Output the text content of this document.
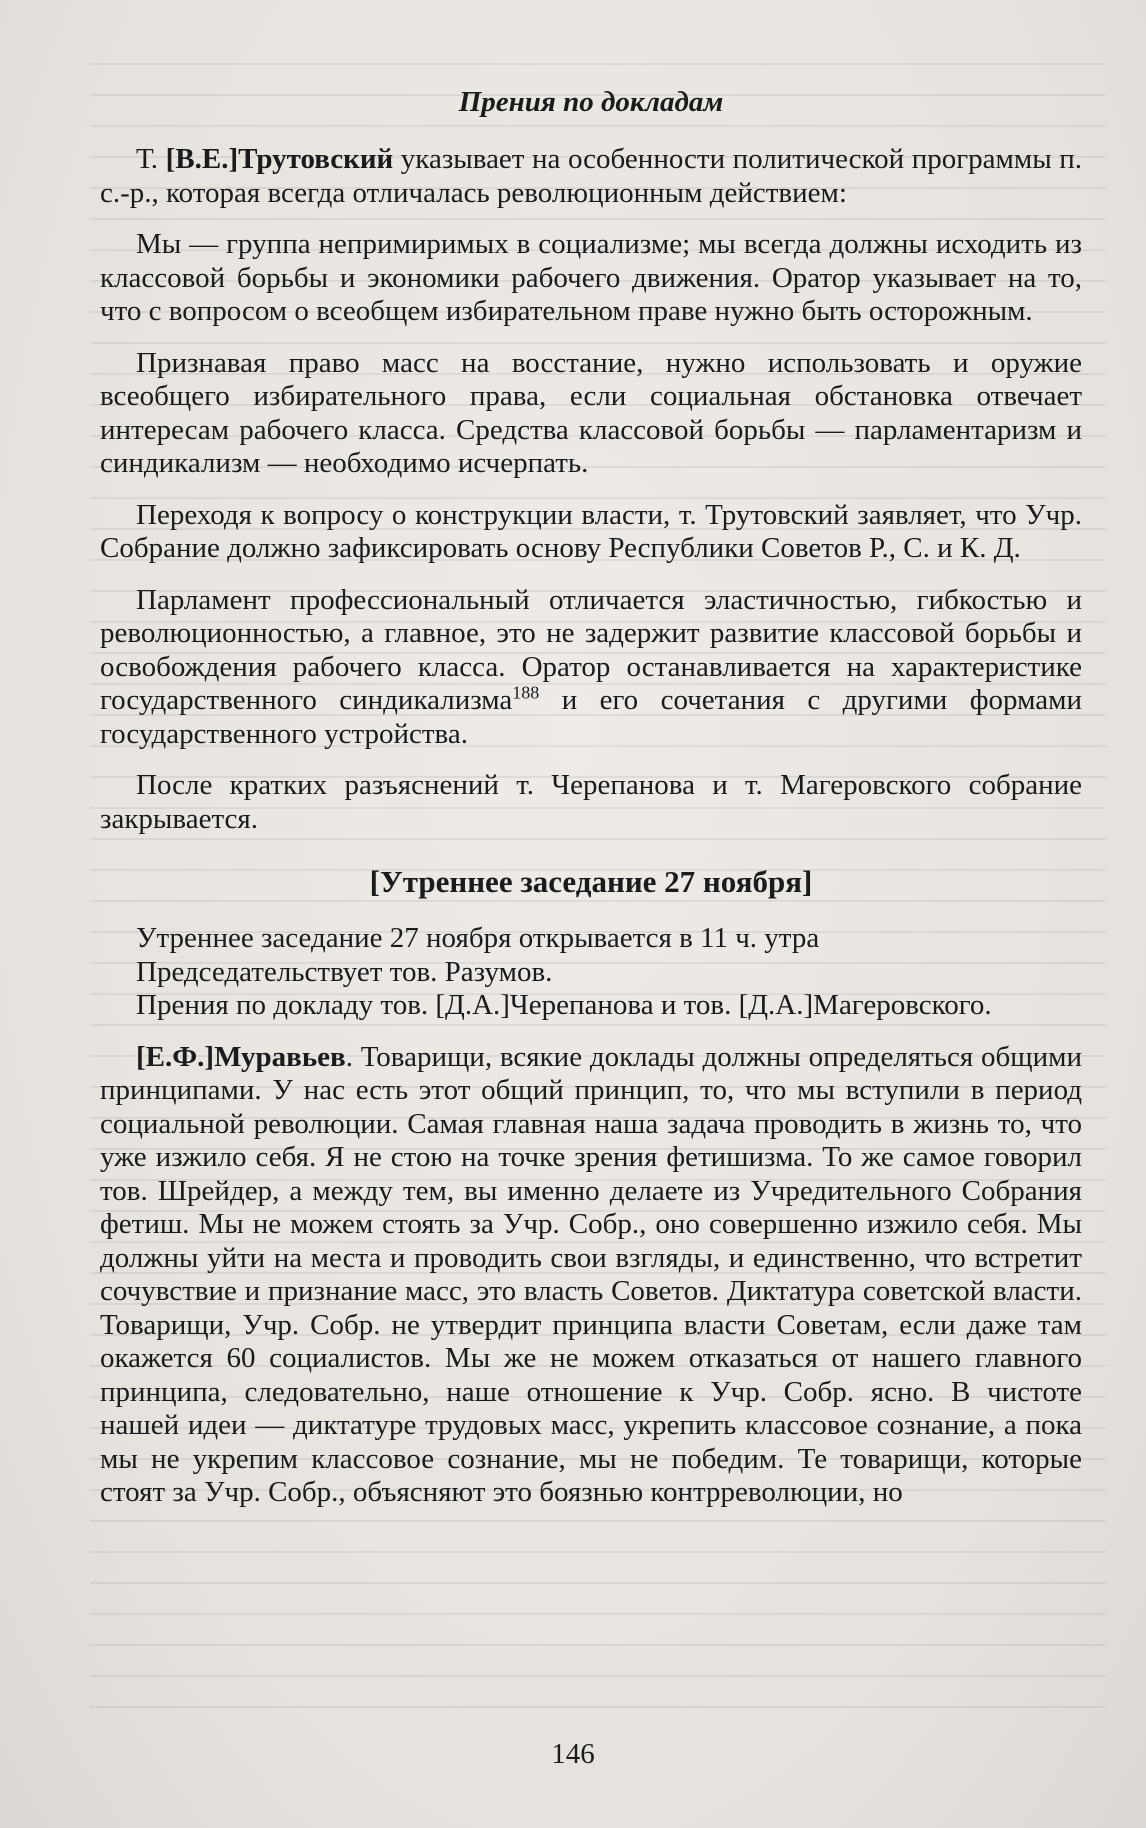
Прения по докладам

Т. [В.Е.]Трутовский указывает на особенности политической программы п. с.-р., которая всегда отличалась революционным действием:

Мы — группа непримиримых в социализме; мы всегда должны исходить из классовой борьбы и экономики рабочего движения. Оратор указывает на то, что с вопросом о всеобщем избирательном праве нужно быть осторожным.

Признавая право масс на восстание, нужно использовать и оружие всеобщего избирательного права, если социальная обстановка отвечает интересам рабочего класса. Средства классовой борьбы — парламентаризм и синдикализм — необходимо исчерпать.

Переходя к вопросу о конструкции власти, т. Трутовский заявляет, что Учр. Собрание должно зафиксировать основу Республики Советов Р., С. и К. Д.

Парламент профессиональный отличается эластичностью, гибкостью и революционностью, а главное, это не задержит развитие классовой борьбы и освобождения рабочего класса. Оратор останавливается на характеристике государственного синдикализма$^{188}$ и его сочетания с другими формами государственного устройства.

После кратких разъяснений т. Черепанова и т. Магеровского собрание закрывается.

[Утреннее заседание 27 ноября]

Утреннее заседание 27 ноября открывается в 11 ч. утра

Председательствует тов. Разумов.

Прения по докладу тов. [Д.А.]Черепанова и тов. [Д.А.]Магеровского.

[Е.Ф.]Муравьев. Товарищи, всякие доклады должны определяться общими принципами. У нас есть этот общий принцип, то, что мы вступили в период социальной революции. Самая главная наша задача проводить в жизнь то, что уже изжило себя. Я не стою на точке зрения фетишизма. То же самое говорил тов. Шрейдер, а между тем, вы именно делаете из Учредительного Собрания фетиш. Мы не можем стоять за Учр. Собр., оно совершенно изжило себя. Мы должны уйти на места и проводить свои взгляды, и единственно, что встретит сочувствие и признание масс, это власть Советов. Диктатура советской власти. Товарищи, Учр. Собр. не утвердит принципа власти Советам, если даже там окажется 60 социалистов. Мы же не можем отказаться от нашего главного принципа, следовательно, наше отношение к Учр. Собр. ясно. В чистоте нашей идеи — диктатуре трудовых масс, укрепить классовое сознание, а пока мы не укрепим классовое сознание, мы не победим. Те товарищи, которые стоят за Учр. Собр., объясняют это боязнью контрреволюции, но

146
